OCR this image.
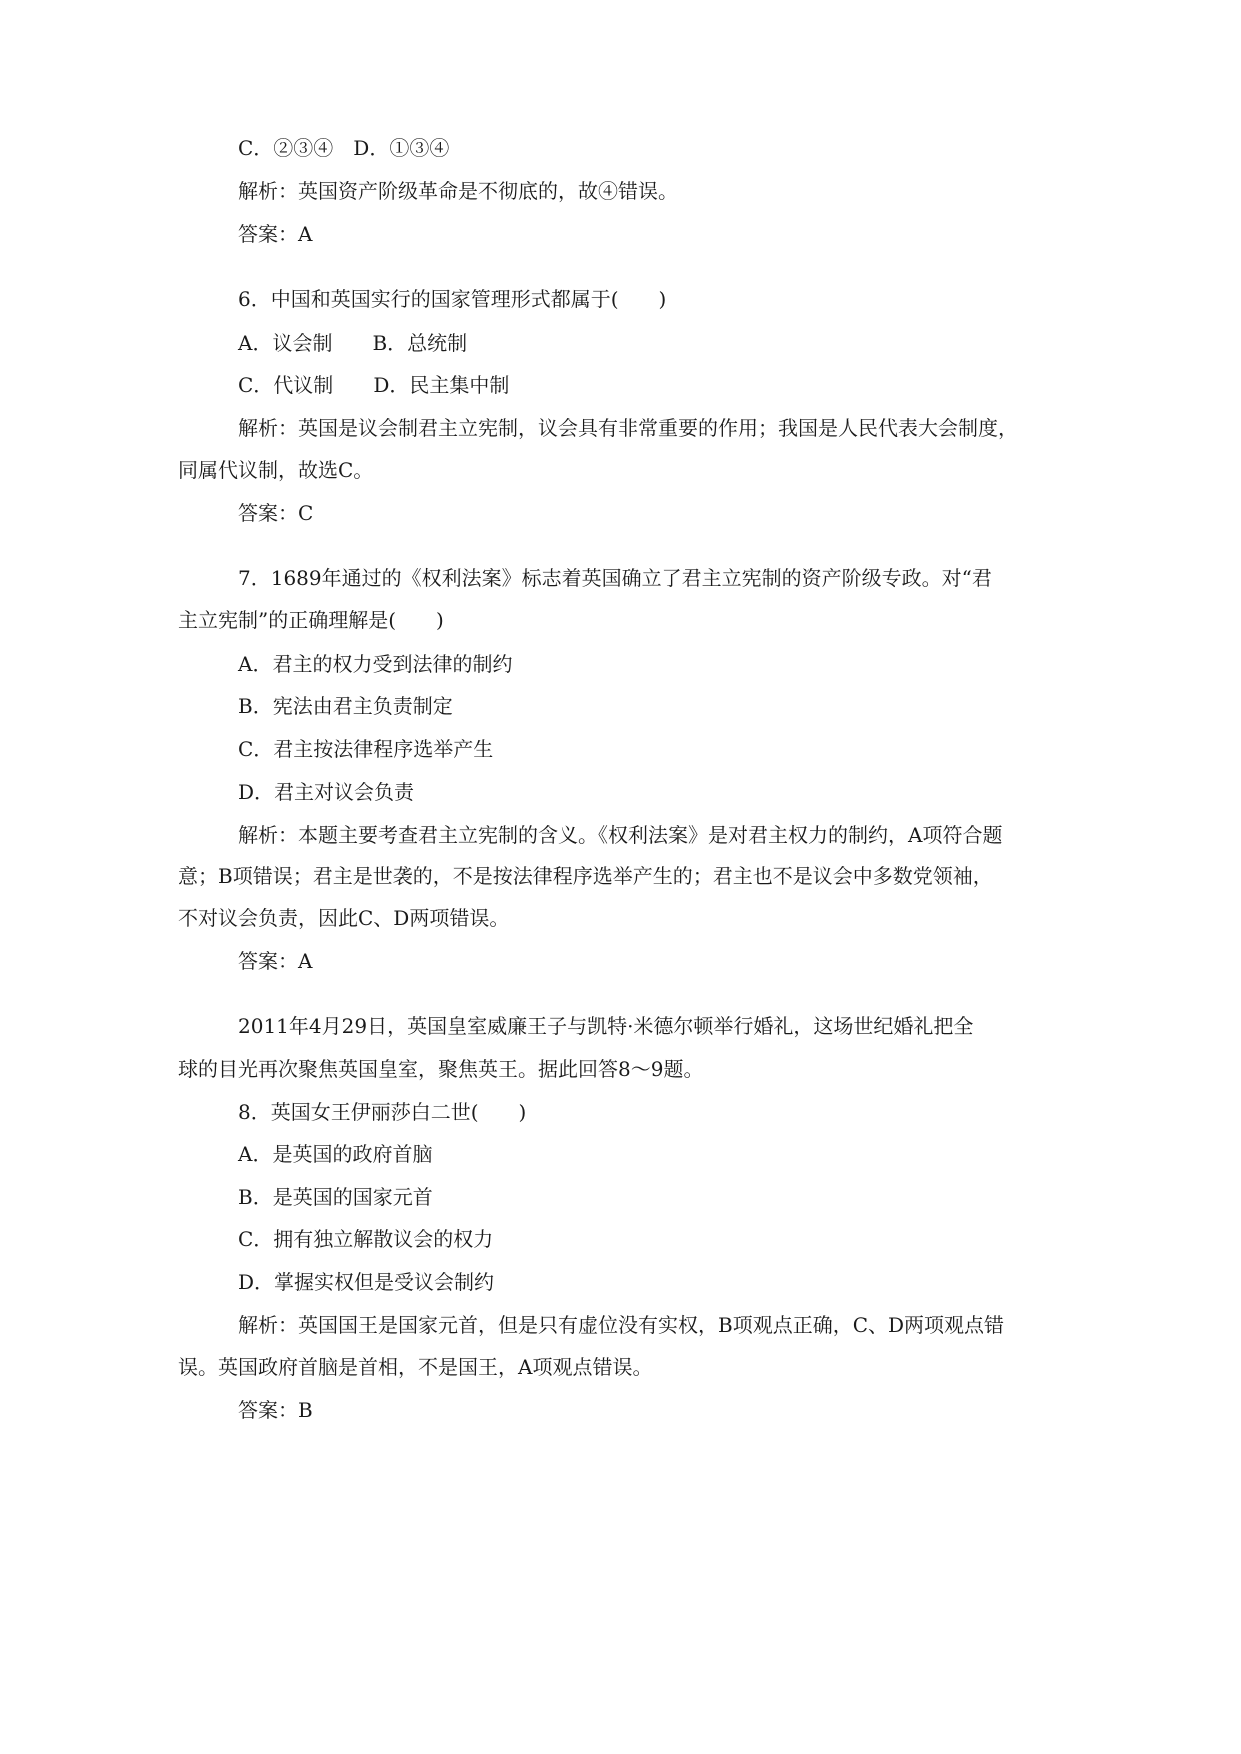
C．②③④　D．①③④
解析：英国资产阶级革命是不彻底的，故④错误。
答案：A
6．中国和英国实行的国家管理形式都属于(　　)
A．议会制 B．总统制
C．代议制 D．民主集中制
解析：英国是议会制君主立宪制，议会具有非常重要的作用；我国是人民代表大会制度，
同属代议制，故选C。
答案：C
7．1689年通过的《权利法案》标志着英国确立了君主立宪制的资产阶级专政。对“君
主立宪制”的正确理解是(　　)
A．君主的权力受到法律的制约
B．宪法由君主负责制定
C．君主按法律程序选举产生
D．君主对议会负责
解析：本题主要考查君主立宪制的含义。《权利法案》是对君主权力的制约，A项符合题
意；B项错误；君主是世袭的，不是按法律程序选举产生的；君主也不是议会中多数党领袖，
不对议会负责，因此C、D两项错误。
答案：A
2011年4月29日，英国皇室威廉王子与凯特·米德尔顿举行婚礼，这场世纪婚礼把全
球的目光再次聚焦英国皇室，聚焦英王。据此回答8～9题。
8．英国女王伊丽莎白二世(　　)
A．是英国的政府首脑
B．是英国的国家元首
C．拥有独立解散议会的权力
D．掌握实权但是受议会制约
解析：英国国王是国家元首，但是只有虚位没有实权，B项观点正确，C、D两项观点错
误。英国政府首脑是首相，不是国王，A项观点错误。
答案：B
